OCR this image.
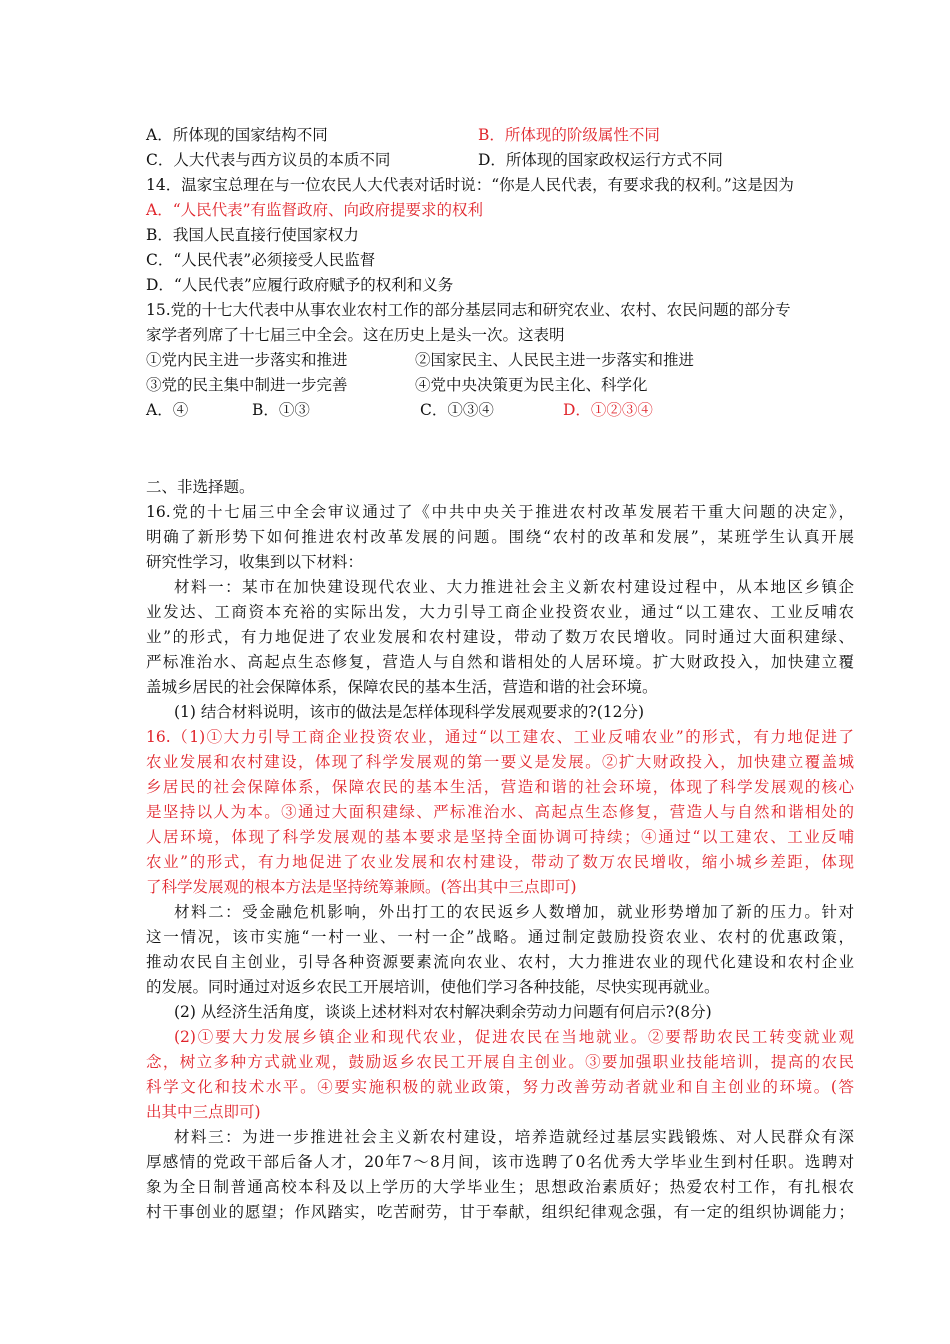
A．所体现的国家结构不同	B．所体现的阶级属性不同
C．人大代表与西方议员的本质不同	D．所体现的国家政权运行方式不同
14．温家宝总理在与一位农民人大代表对话时说：“你是人民代表，有要求我的权利。”这是因为
A．“人民代表”有监督政府、向政府提要求的权利
B．我国人民直接行使国家权力
C．“人民代表”必须接受人民监督
D．“人民代表”应履行政府赋予的权利和义务
15.党的十七大代表中从事农业农村工作的部分基层同志和研究农业、农村、农民问题的部分专
家学者列席了十七届三中全会。这在历史上是头一次。这表明
①党内民主进一步落实和推进	②国家民主、人民民主进一步落实和推进
③党的民主集中制进一步完善	④党中央决策更为民主化、科学化
A．④	B．①③	C．①③④	D．①②③④
二、非选择题。
16.党的十七届三中全会审议通过了《中共中央关于推进农村改革发展若干重大问题的决定》，
明确了新形势下如何推进农村改革发展的问题。围绕“农村的改革和发展”，某班学生认真开展
研究性学习，收集到以下材料：
材料一：某市在加快建设现代农业、大力推进社会主义新农村建设过程中，从本地区乡镇企
业发达、工商资本充裕的实际出发，大力引导工商企业投资农业，通过“以工建农、工业反哺农
业”的形式，有力地促进了农业发展和农村建设，带动了数万农民增收。同时通过大面积建绿、
严标准治水、高起点生态修复，营造人与自然和谐相处的人居环境。扩大财政投入，加快建立覆
盖城乡居民的社会保障体系，保障农民的基本生活，营造和谐的社会环境。
(1) 结合材料说明，该市的做法是怎样体现科学发展观要求的?(12分)
16.（1)①大力引导工商企业投资农业，通过“以工建农、工业反哺农业”的形式，有力地促进了
农业发展和农村建设，体现了科学发展观的第一要义是发展。②扩大财政投入，加快建立覆盖城
乡居民的社会保障体系，保障农民的基本生活，营造和谐的社会环境，体现了科学发展观的核心
是坚持以人为本。③通过大面积建绿、严标准治水、高起点生态修复，营造人与自然和谐相处的
人居环境，体现了科学发展观的基本要求是坚持全面协调可持续；④通过“以工建农、工业反哺
农业”的形式，有力地促进了农业发展和农村建设，带动了数万农民增收，缩小城乡差距，体现
了科学发展观的根本方法是坚持统筹兼顾。(答出其中三点即可)
材料二：受金融危机影响，外出打工的农民返乡人数增加，就业形势增加了新的压力。针对
这一情况，该市实施“一村一业、一村一企”战略。通过制定鼓励投资农业、农村的优惠政策，
推动农民自主创业，引导各种资源要素流向农业、农村，大力推进农业的现代化建设和农村企业
的发展。同时通过对返乡农民工开展培训，使他们学习各种技能，尽快实现再就业。
(2) 从经济生活角度，谈谈上述材料对农村解决剩余劳动力问题有何启示?(8分)
(2)①要大力发展乡镇企业和现代农业，促进农民在当地就业。②要帮助农民工转变就业观
念，树立多种方式就业观，鼓励返乡农民工开展自主创业。③要加强职业技能培训，提高的农民
科学文化和技术水平。④要实施积极的就业政策，努力改善劳动者就业和自主创业的环境。(答
出其中三点即可)
材料三：为进一步推进社会主义新农村建设，培养造就经过基层实践锻炼、对人民群众有深
厚感情的党政干部后备人才，20年7～8月间，该市选聘了0名优秀大学毕业生到村任职。选聘对
象为全日制普通高校本科及以上学历的大学毕业生；思想政治素质好；热爱农村工作，有扎根农
村干事创业的愿望；作风踏实，吃苦耐劳，甘于奉献，组织纪律观念强，有一定的组织协调能力；
